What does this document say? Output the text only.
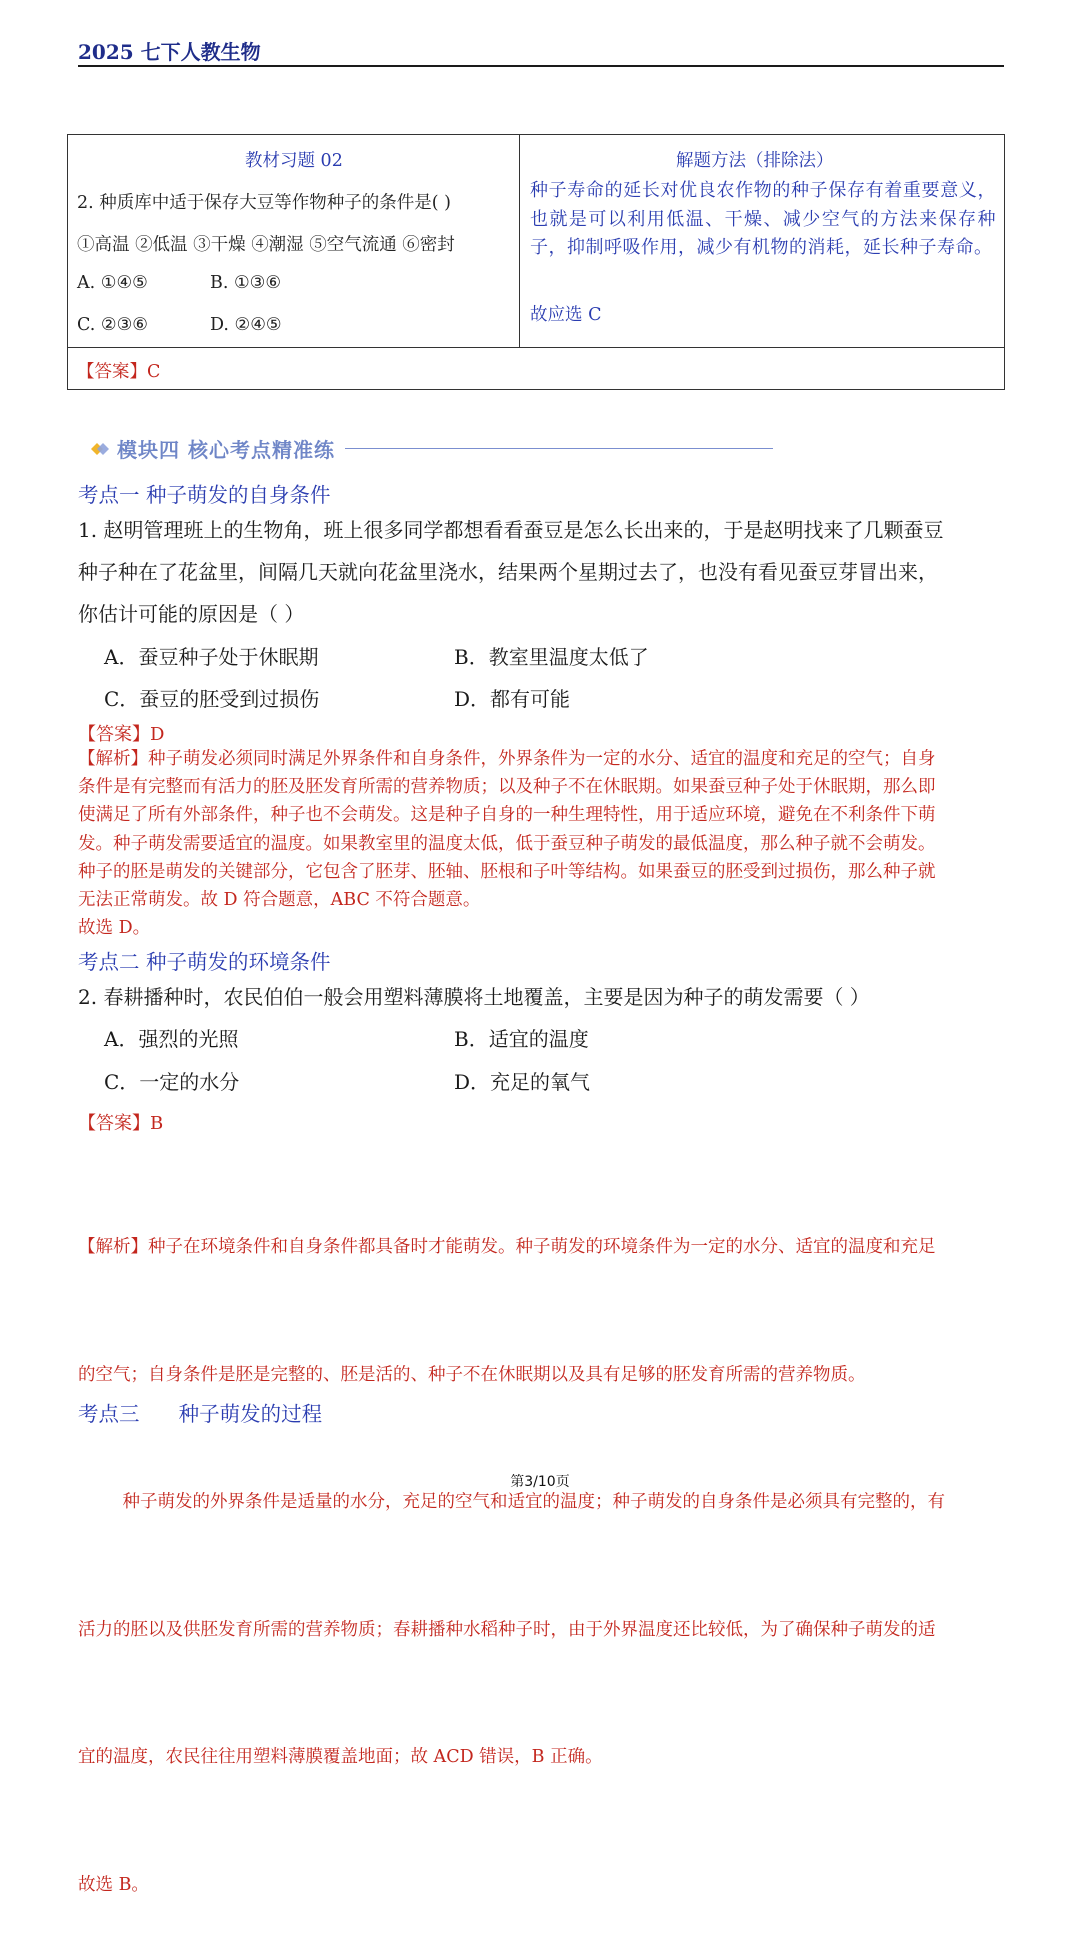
2025 七下人教生物
教材习题 02
2. 种质库中适于保存大豆等作物种子的条件是( )
①高温 ②低温 ③干燥 ④潮湿 ⑤空气流通 ⑥密封
A. ①④⑤	B. ①③⑥
C. ②③⑥	D. ②④⑤

解题方法（排除法）
种子寿命的延长对优良农作物的种子保存有着重要意义，也就是可以利用低温、干燥、减少空气的方法来保存种子，抑制呼吸作用，减少有机物的消耗，延长种子寿命。
故应选 C

【答案】C
模块四 核心考点精准练
考点一 种子萌发的自身条件
1. 赵明管理班上的生物角，班上很多同学都想看看蚕豆是怎么长出来的，于是赵明找来了几颗蚕豆
种子种在了花盆里，间隔几天就向花盆里浇水，结果两个星期过去了，也没有看见蚕豆芽冒出来，
你估计可能的原因是（ ）
A．蚕豆种子处于休眠期	B．教室里温度太低了
C．蚕豆的胚受到过损伤	D．都有可能
【答案】D
【解析】种子萌发必须同时满足外界条件和自身条件，外界条件为一定的水分、适宜的温度和充足的空气；自身
条件是有完整而有活力的胚及胚发育所需的营养物质；以及种子不在休眠期。如果蚕豆种子处于休眠期，那么即
使满足了所有外部条件，种子也不会萌发。这是种子自身的一种生理特性，用于适应环境，避免在不利条件下萌
发。种子萌发需要适宜的温度。如果教室里的温度太低，低于蚕豆种子萌发的最低温度，那么种子就不会萌发。
种子的胚是萌发的关键部分，它包含了胚芽、胚轴、胚根和子叶等结构。如果蚕豆的胚受到过损伤，那么种子就
无法正常萌发。故 D 符合题意，ABC 不符合题意。
故选 D。
考点二 种子萌发的环境条件
2. 春耕播种时，农民伯伯一般会用塑料薄膜将土地覆盖，主要是因为种子的萌发需要（ ）
A．强烈的光照	B．适宜的温度
C．一定的水分	D．充足的氧气
【答案】B

【解析】种子在环境条件和自身条件都具备时才能萌发。种子萌发的环境条件为一定的水分、适宜的温度和充足

的空气；自身条件是胚是完整的、胚是活的、种子不在休眠期以及具有足够的胚发育所需的营养物质。

种子萌发的外界条件是适量的水分，充足的空气和适宜的温度；种子萌发的自身条件是必须具有完整的，有

活力的胚以及供胚发育所需的营养物质；春耕播种水稻种子时，由于外界温度还比较低，为了确保种子萌发的适

宜的温度，农民往往用塑料薄膜覆盖地面；故 ACD 错误，B 正确。

故选 B。

考点三      种子萌发的过程
第3/10页
